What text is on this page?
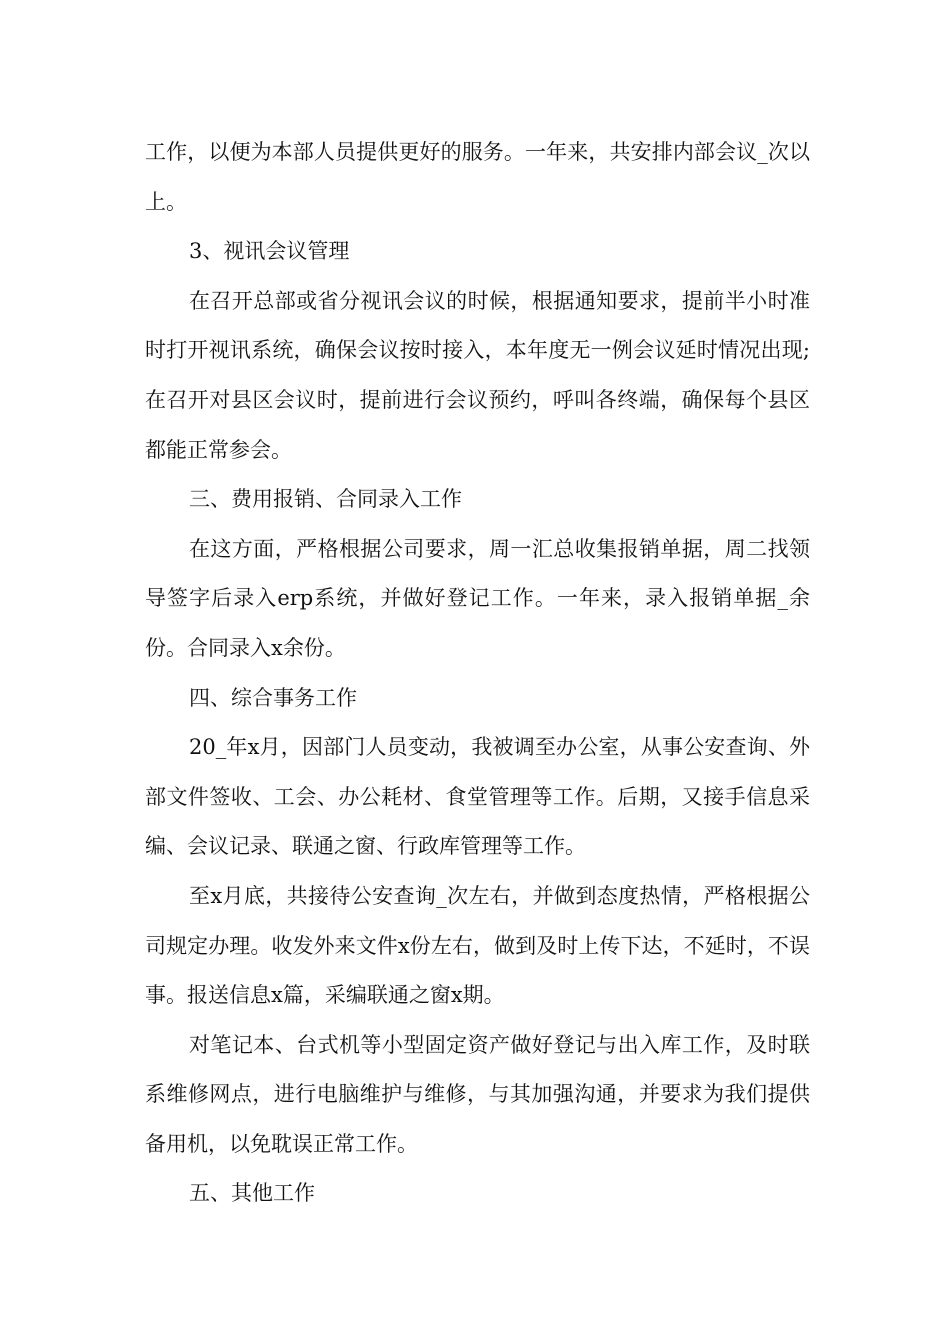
工作，以便为本部人员提供更好的服务。一年来，共安排内部会议_次以上。

3、视讯会议管理

在召开总部或省分视讯会议的时候，根据通知要求，提前半小时准时打开视讯系统，确保会议按时接入，本年度无一例会议延时情况出现;在召开对县区会议时，提前进行会议预约，呼叫各终端，确保每个县区都能正常参会。

三、费用报销、合同录入工作

在这方面，严格根据公司要求，周一汇总收集报销单据，周二找领导签字后录入erp系统，并做好登记工作。一年来，录入报销单据_余份。合同录入x余份。

四、综合事务工作

20_年x月，因部门人员变动，我被调至办公室，从事公安查询、外部文件签收、工会、办公耗材、食堂管理等工作。后期，又接手信息采编、会议记录、联通之窗、行政库管理等工作。

至x月底，共接待公安查询_次左右，并做到态度热情，严格根据公司规定办理。收发外来文件x份左右，做到及时上传下达，不延时，不误事。报送信息x篇，采编联通之窗x期。

对笔记本、台式机等小型固定资产做好登记与出入库工作，及时联系维修网点，进行电脑维护与维修，与其加强沟通，并要求为我们提供备用机，以免耽误正常工作。

五、其他工作
